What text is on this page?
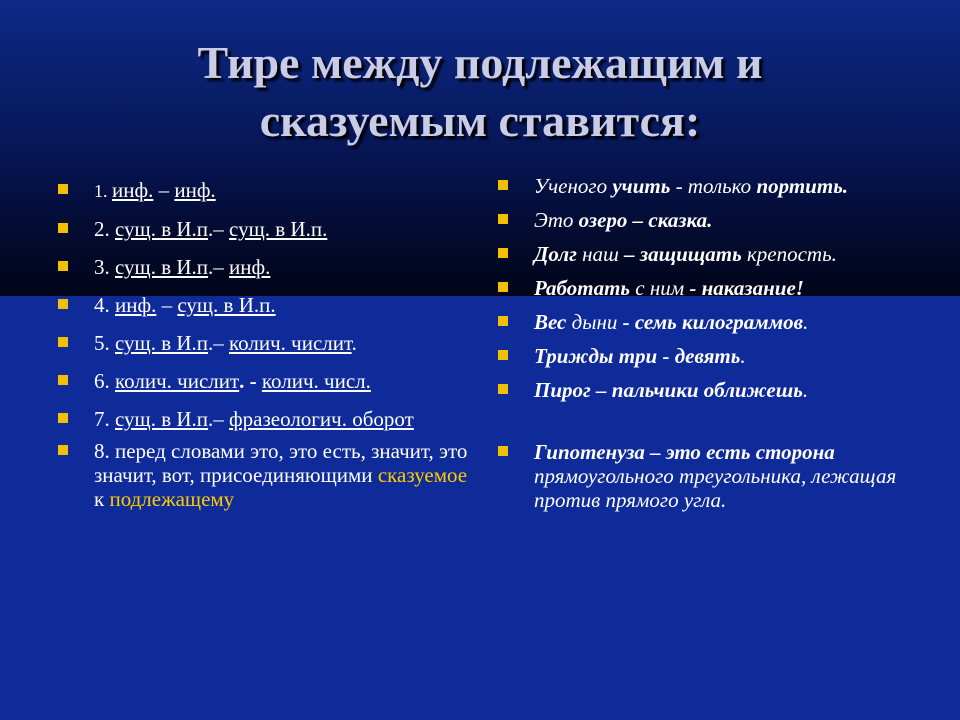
Тире между подлежащим и
сказуемым ставится:
1. инф. – инф.
2. сущ. в И.п.– сущ. в И.п.
3. сущ. в И.п.– инф.
4. инф. – сущ. в И.п.
5. сущ. в И.п.– колич. числит.
6. колич. числит. - колич. числ.
7. сущ. в И.п.– фразеологич. оборот
8. перед словами это, это есть, значит, это значит, вот, присоединяющими сказуемое к подлежащему
Ученого учить - только портить.
Это озеро – сказка.
Долг наш – защищать крепость.
Работать с ним - наказание!
Вес дыни - семь килограммов.
Трижды три - девять.
Пирог – пальчики оближешь.
Гипотенуза – это есть сторона прямоугольного треугольника, лежащая против прямого угла.
